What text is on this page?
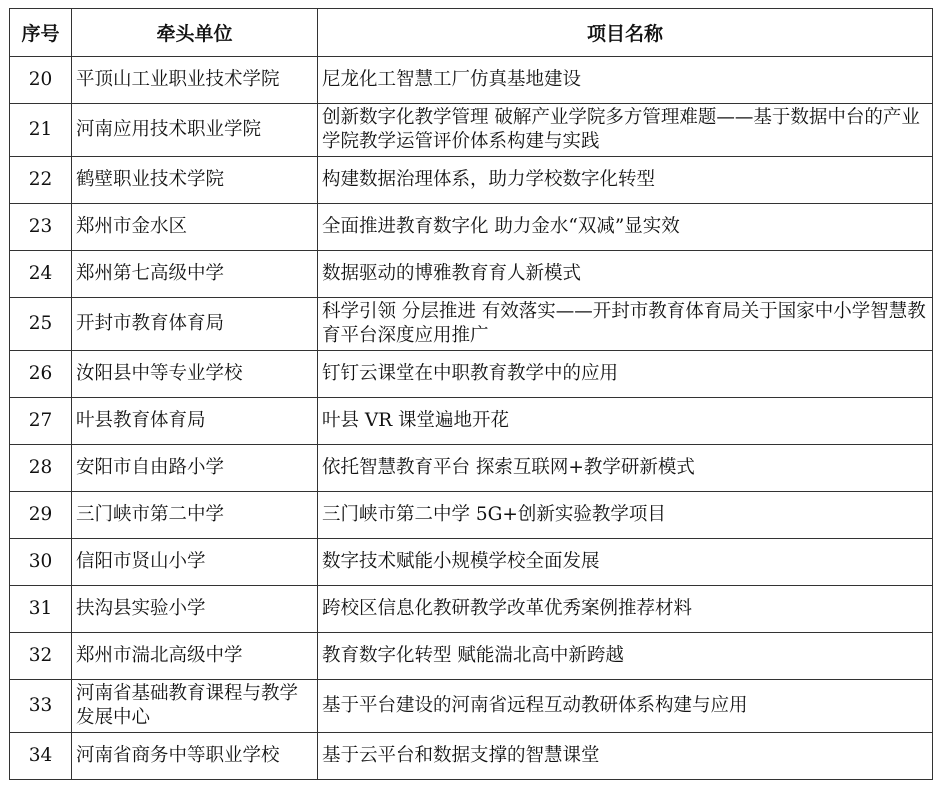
序号	牵头单位	项目名称
20	平顶山工业职业技术学院	尼龙化工智慧工厂仿真基地建设
21	河南应用技术职业学院	创新数字化教学管理 破解产业学院多方管理难题——基于数据中台的产业学院教学运管评价体系构建与实践
22	鹤壁职业技术学院	构建数据治理体系，助力学校数字化转型
23	郑州市金水区	全面推进教育数字化 助力金水“双减”显实效
24	郑州第七高级中学	数据驱动的博雅教育育人新模式
25	开封市教育体育局	科学引领 分层推进 有效落实——开封市教育体育局关于国家中小学智慧教育平台深度应用推广
26	汝阳县中等专业学校	钉钉云课堂在中职教育教学中的应用
27	叶县教育体育局	叶县 VR 课堂遍地开花
28	安阳市自由路小学	依托智慧教育平台 探索互联网+教学研新模式
29	三门峡市第二中学	三门峡市第二中学 5G+创新实验教学项目
30	信阳市贤山小学	数字技术赋能小规模学校全面发展
31	扶沟县实验小学	跨校区信息化教研教学改革优秀案例推荐材料
32	郑州市湍北高级中学	教育数字化转型 赋能湍北高中新跨越
33	河南省基础教育课程与教学发展中心	基于平台建设的河南省远程互动教研体系构建与应用
34	河南省商务中等职业学校	基于云平台和数据支撑的智慧课堂
